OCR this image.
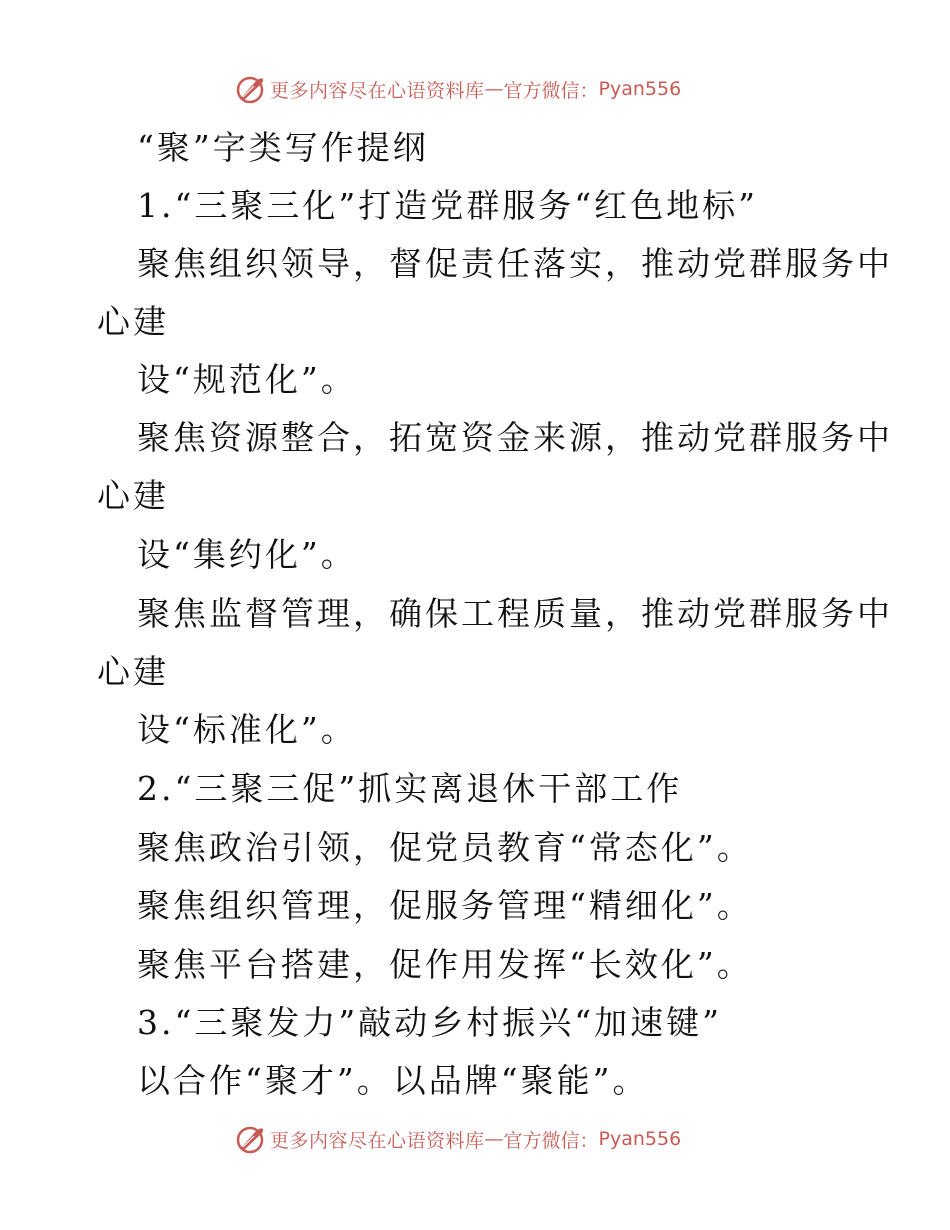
更多内容尽在心语资料库 — 官方微信： Pyan556
“聚”字类写作提纲
1.“三聚三化”打造党群服务“红色地标”
聚焦组织领导，督促责任落实，推动党群服务中
心建
设“规范化”。
聚焦资源整合，拓宽资金来源，推动党群服务中
心建
设“集约化”。
聚焦监督管理，确保工程质量，推动党群服务中
心建
设“标准化”。
2.“三聚三促”抓实离退休干部工作
聚焦政治引领，促党员教育“常态化”。
聚焦组织管理，促服务管理“精细化”。
聚焦平台搭建，促作用发挥“长效化”。
3.“三聚发力”敲动乡村振兴“加速键”
以合作“聚才”。以品牌“聚能”。
更多内容尽在心语资料库 — 官方微信： Pyan556
